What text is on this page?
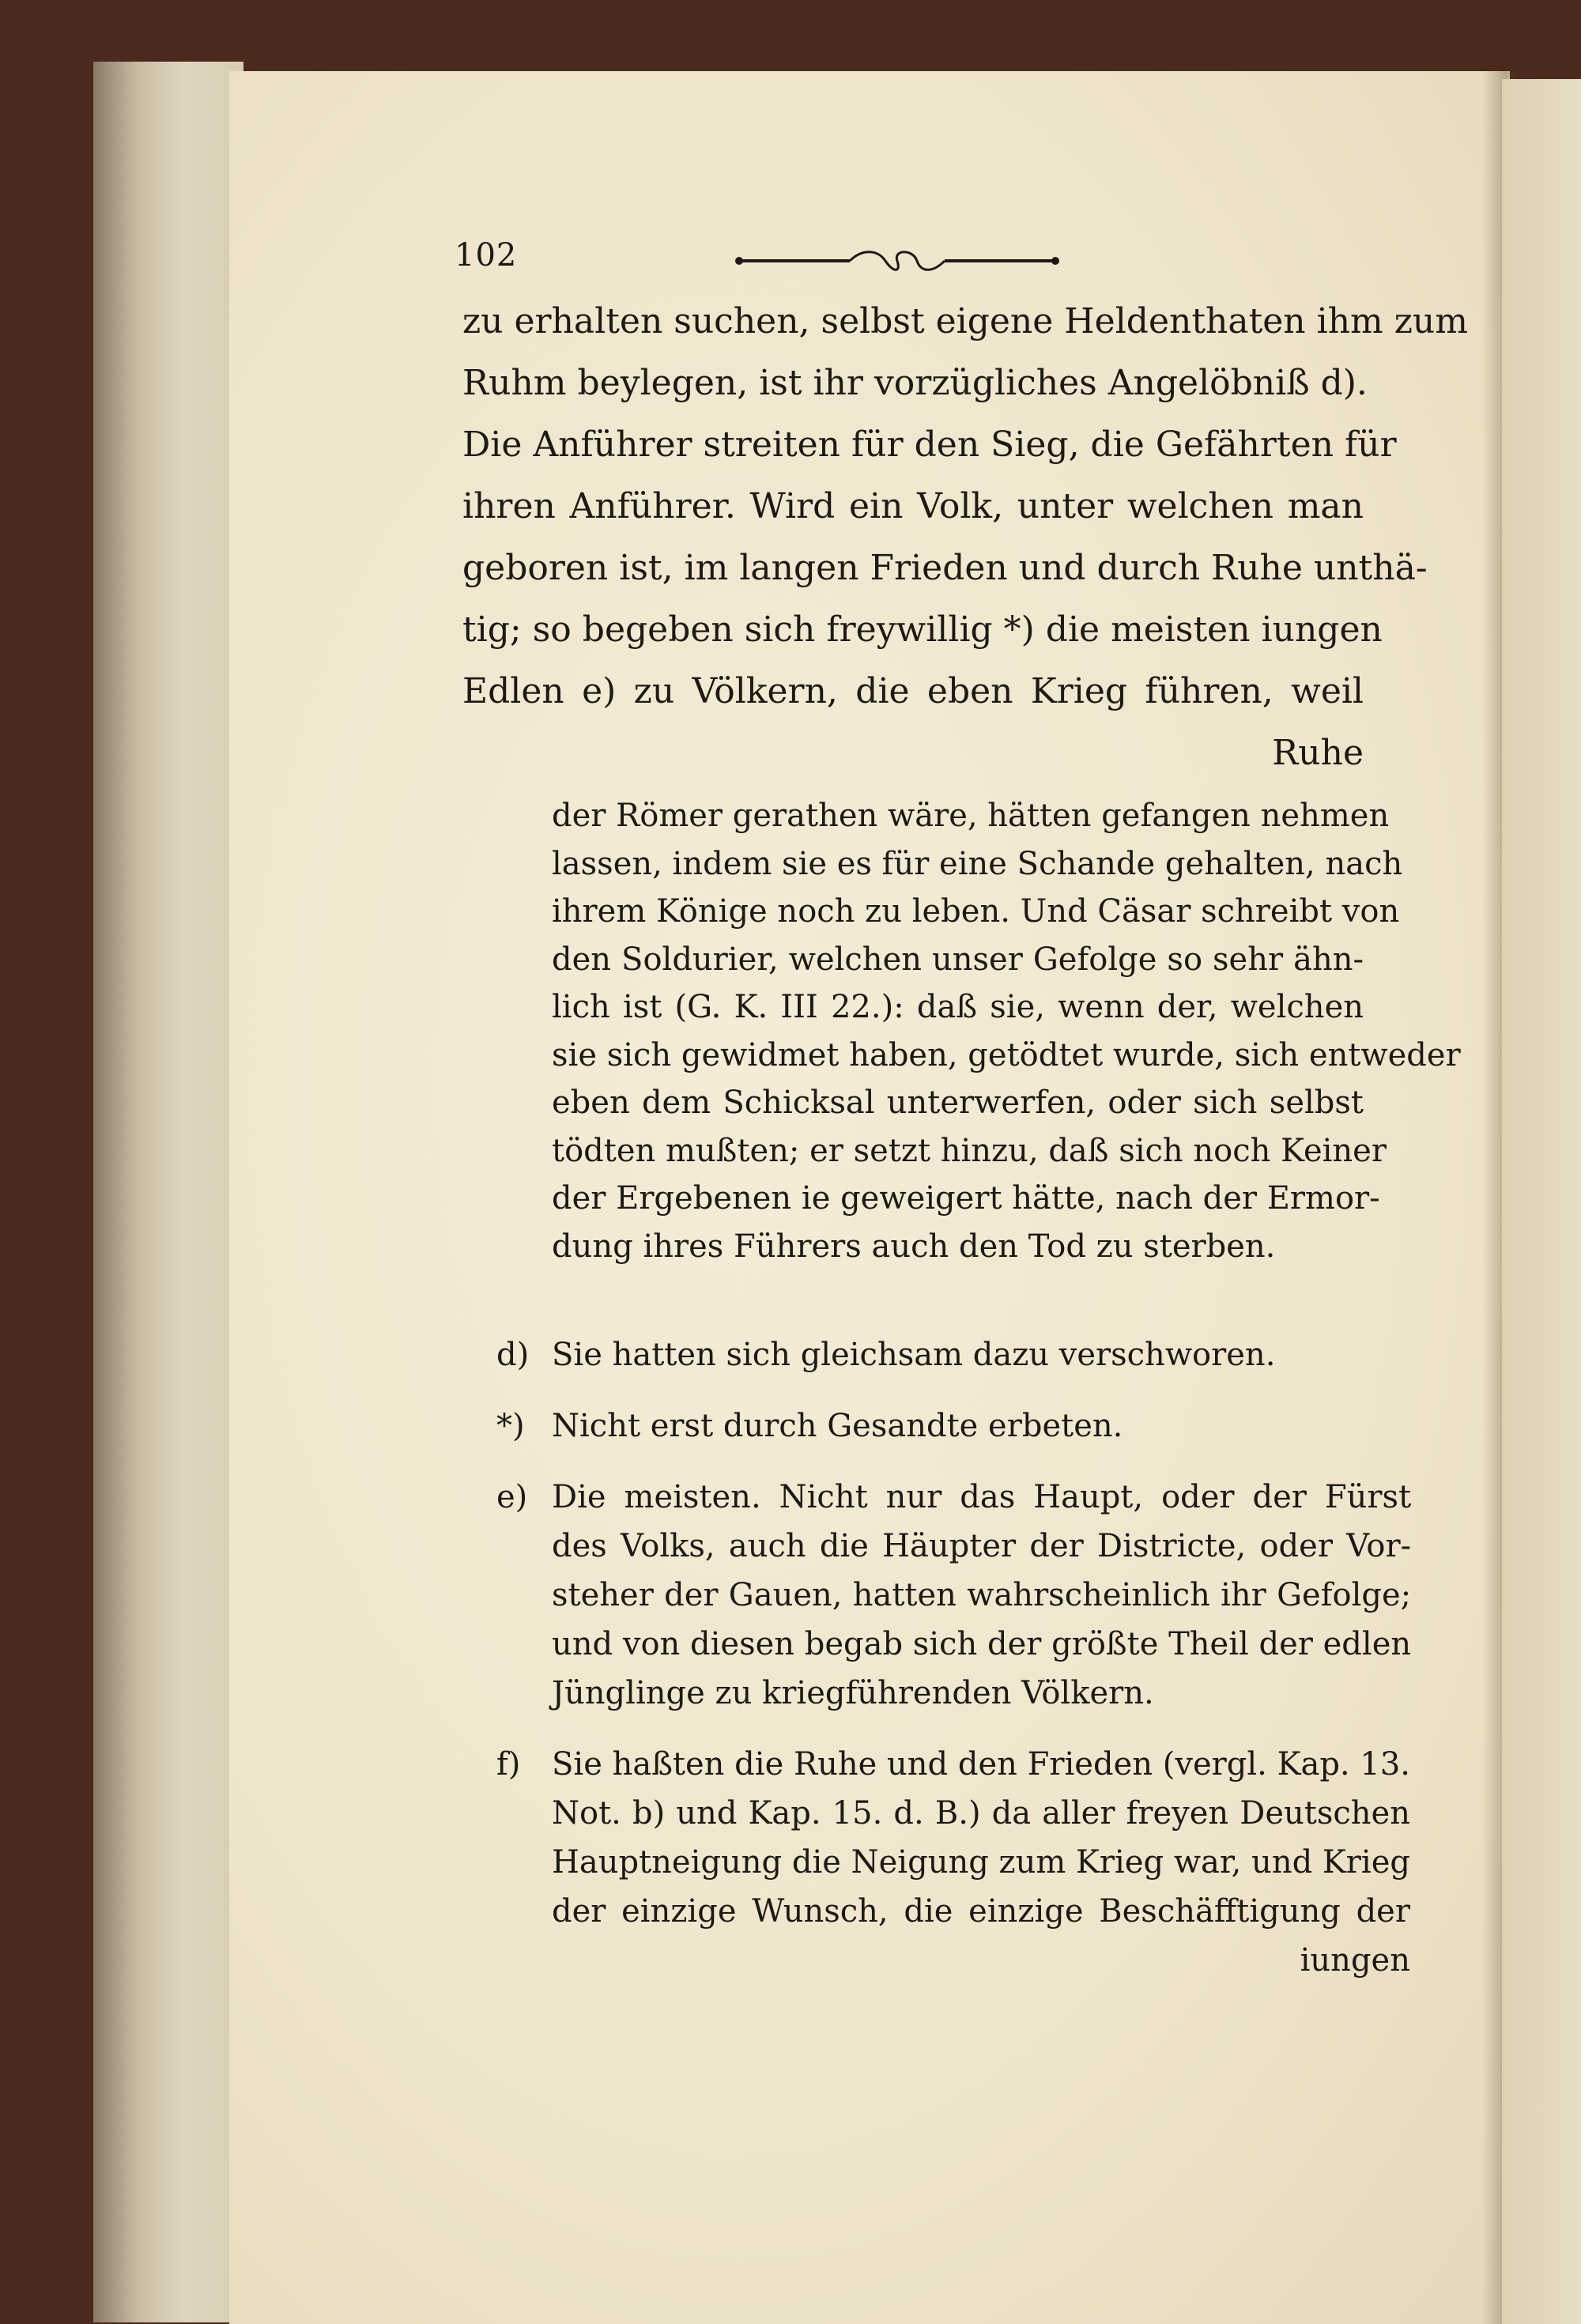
102
zu erhalten suchen, selbst eigene Heldenthaten ihm zum
Ruhm beylegen, ist ihr vorzügliches Angelöbniß d).
Die Anführer streiten für den Sieg, die Gefährten für
ihren Anführer. Wird ein Volk, unter welchen man
geboren ist, im langen Frieden und durch Ruhe unthä-
tig; so begeben sich freywillig *) die meisten iungen
Edlen e) zu Völkern, die eben Krieg führen, weil
Ruhe
der Römer gerathen wäre, hätten gefangen nehmen
lassen, indem sie es für eine Schande gehalten, nach
ihrem Könige noch zu leben. Und Cäsar schreibt von
den Soldurier, welchen unser Gefolge so sehr ähn-
lich ist (G. K. III 22.): daß sie, wenn der, welchen
sie sich gewidmet haben, getödtet wurde, sich entweder
eben dem Schicksal unterwerfen, oder sich selbst
tödten mußten; er setzt hinzu, daß sich noch Keiner
der Ergebenen ie geweigert hätte, nach der Ermor-
dung ihres Führers auch den Tod zu sterben.
d) Sie hatten sich gleichsam dazu verschworen.
*) Nicht erst durch Gesandte erbeten.
e) Die meisten. Nicht nur das Haupt, oder der Fürst
des Volks, auch die Häupter der Districte, oder Vor-
steher der Gauen, hatten wahrscheinlich ihr Gefolge;
und von diesen begab sich der größte Theil der edlen
Jünglinge zu kriegführenden Völkern.
f) Sie haßten die Ruhe und den Frieden (vergl. Kap. 13.
Not. b) und Kap. 15. d. B.) da aller freyen Deutschen
Hauptneigung die Neigung zum Krieg war, und Krieg
der einzige Wunsch, die einzige Beschäfftigung der
iungen
